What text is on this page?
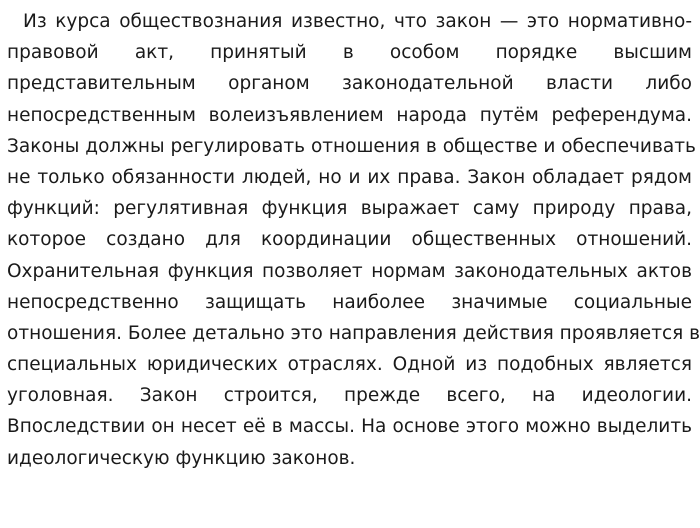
Из курса обществознания известно, что закон — это нормативно-
правовой акт, принятый в особом порядке высшим
представительным органом законодательной власти либо
непосредственным волеизъявлением народа путём референдума.
Законы должны регулировать отношения в обществе и обеспечивать
не только обязанности людей, но и их права. Закон обладает рядом
функций: регулятивная функция выражает саму природу права,
которое создано для координации общественных отношений.
Охранительная функция позволяет нормам законодательных актов
непосредственно защищать наиболее значимые социальные
отношения. Более детально это направления действия проявляется в
специальных юридических отраслях. Одной из подобных является
уголовная. Закон строится, прежде всего, на идеологии.
Впоследствии он несет её в массы. На основе этого можно выделить
идеологическую функцию законов.
